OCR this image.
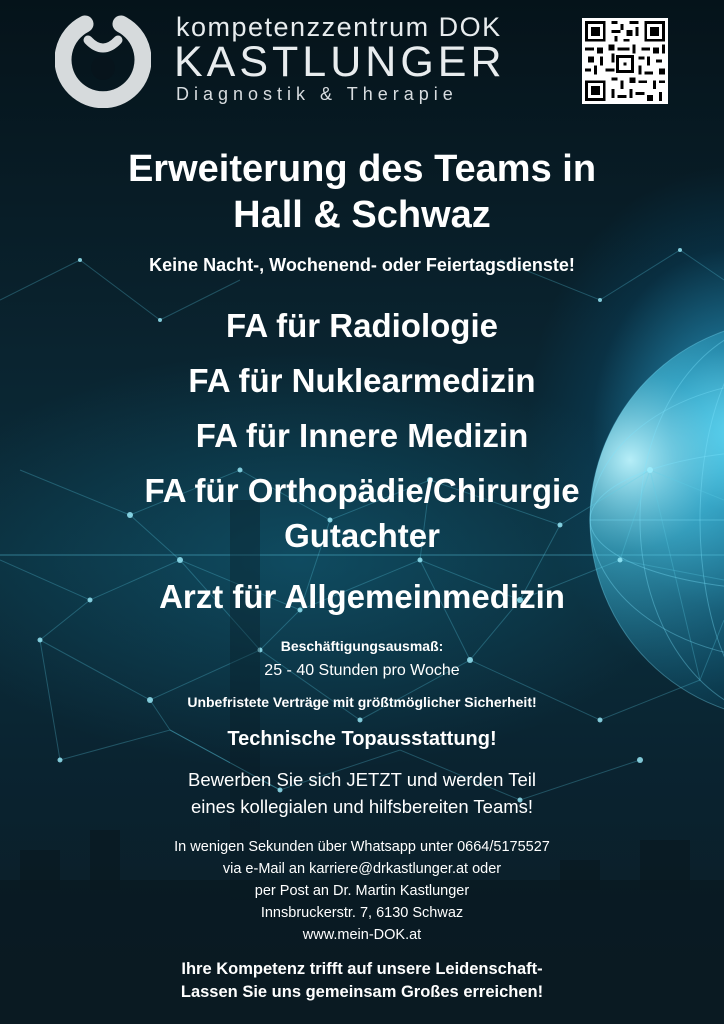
kompetenzzentrum DOK

KASTLUNGER

Diagnostik & Therapie

Erweiterung des Teams in
Hall & Schwaz

Keine Nacht-, Wochenend- oder Feiertagsdienste!

FA für Radiologie
FA für Nuklearmedizin
FA für Innere Medizin
FA für Orthopädie/Chirurgie
Gutachter
Arzt für Allgemeinmedizin

Beschäftigungsausmaß:

25 - 40 Stunden pro Woche

Unbefristete Verträge mit größtmöglicher Sicherheit!

Technische Topausstattung!

Bewerben Sie sich JETZT und werden Teil
eines kollegialen und hilfsbereiten Teams!

In wenigen Sekunden über Whatsapp unter 0664/5175527
via e-Mail an karriere@drkastlunger.at oder
per Post an Dr. Martin Kastlunger
Innsbruckerstr. 7, 6130 Schwaz
www.mein-DOK.at

Ihre Kompetenz trifft auf unsere Leidenschaft-
Lassen Sie uns gemeinsam Großes erreichen!
